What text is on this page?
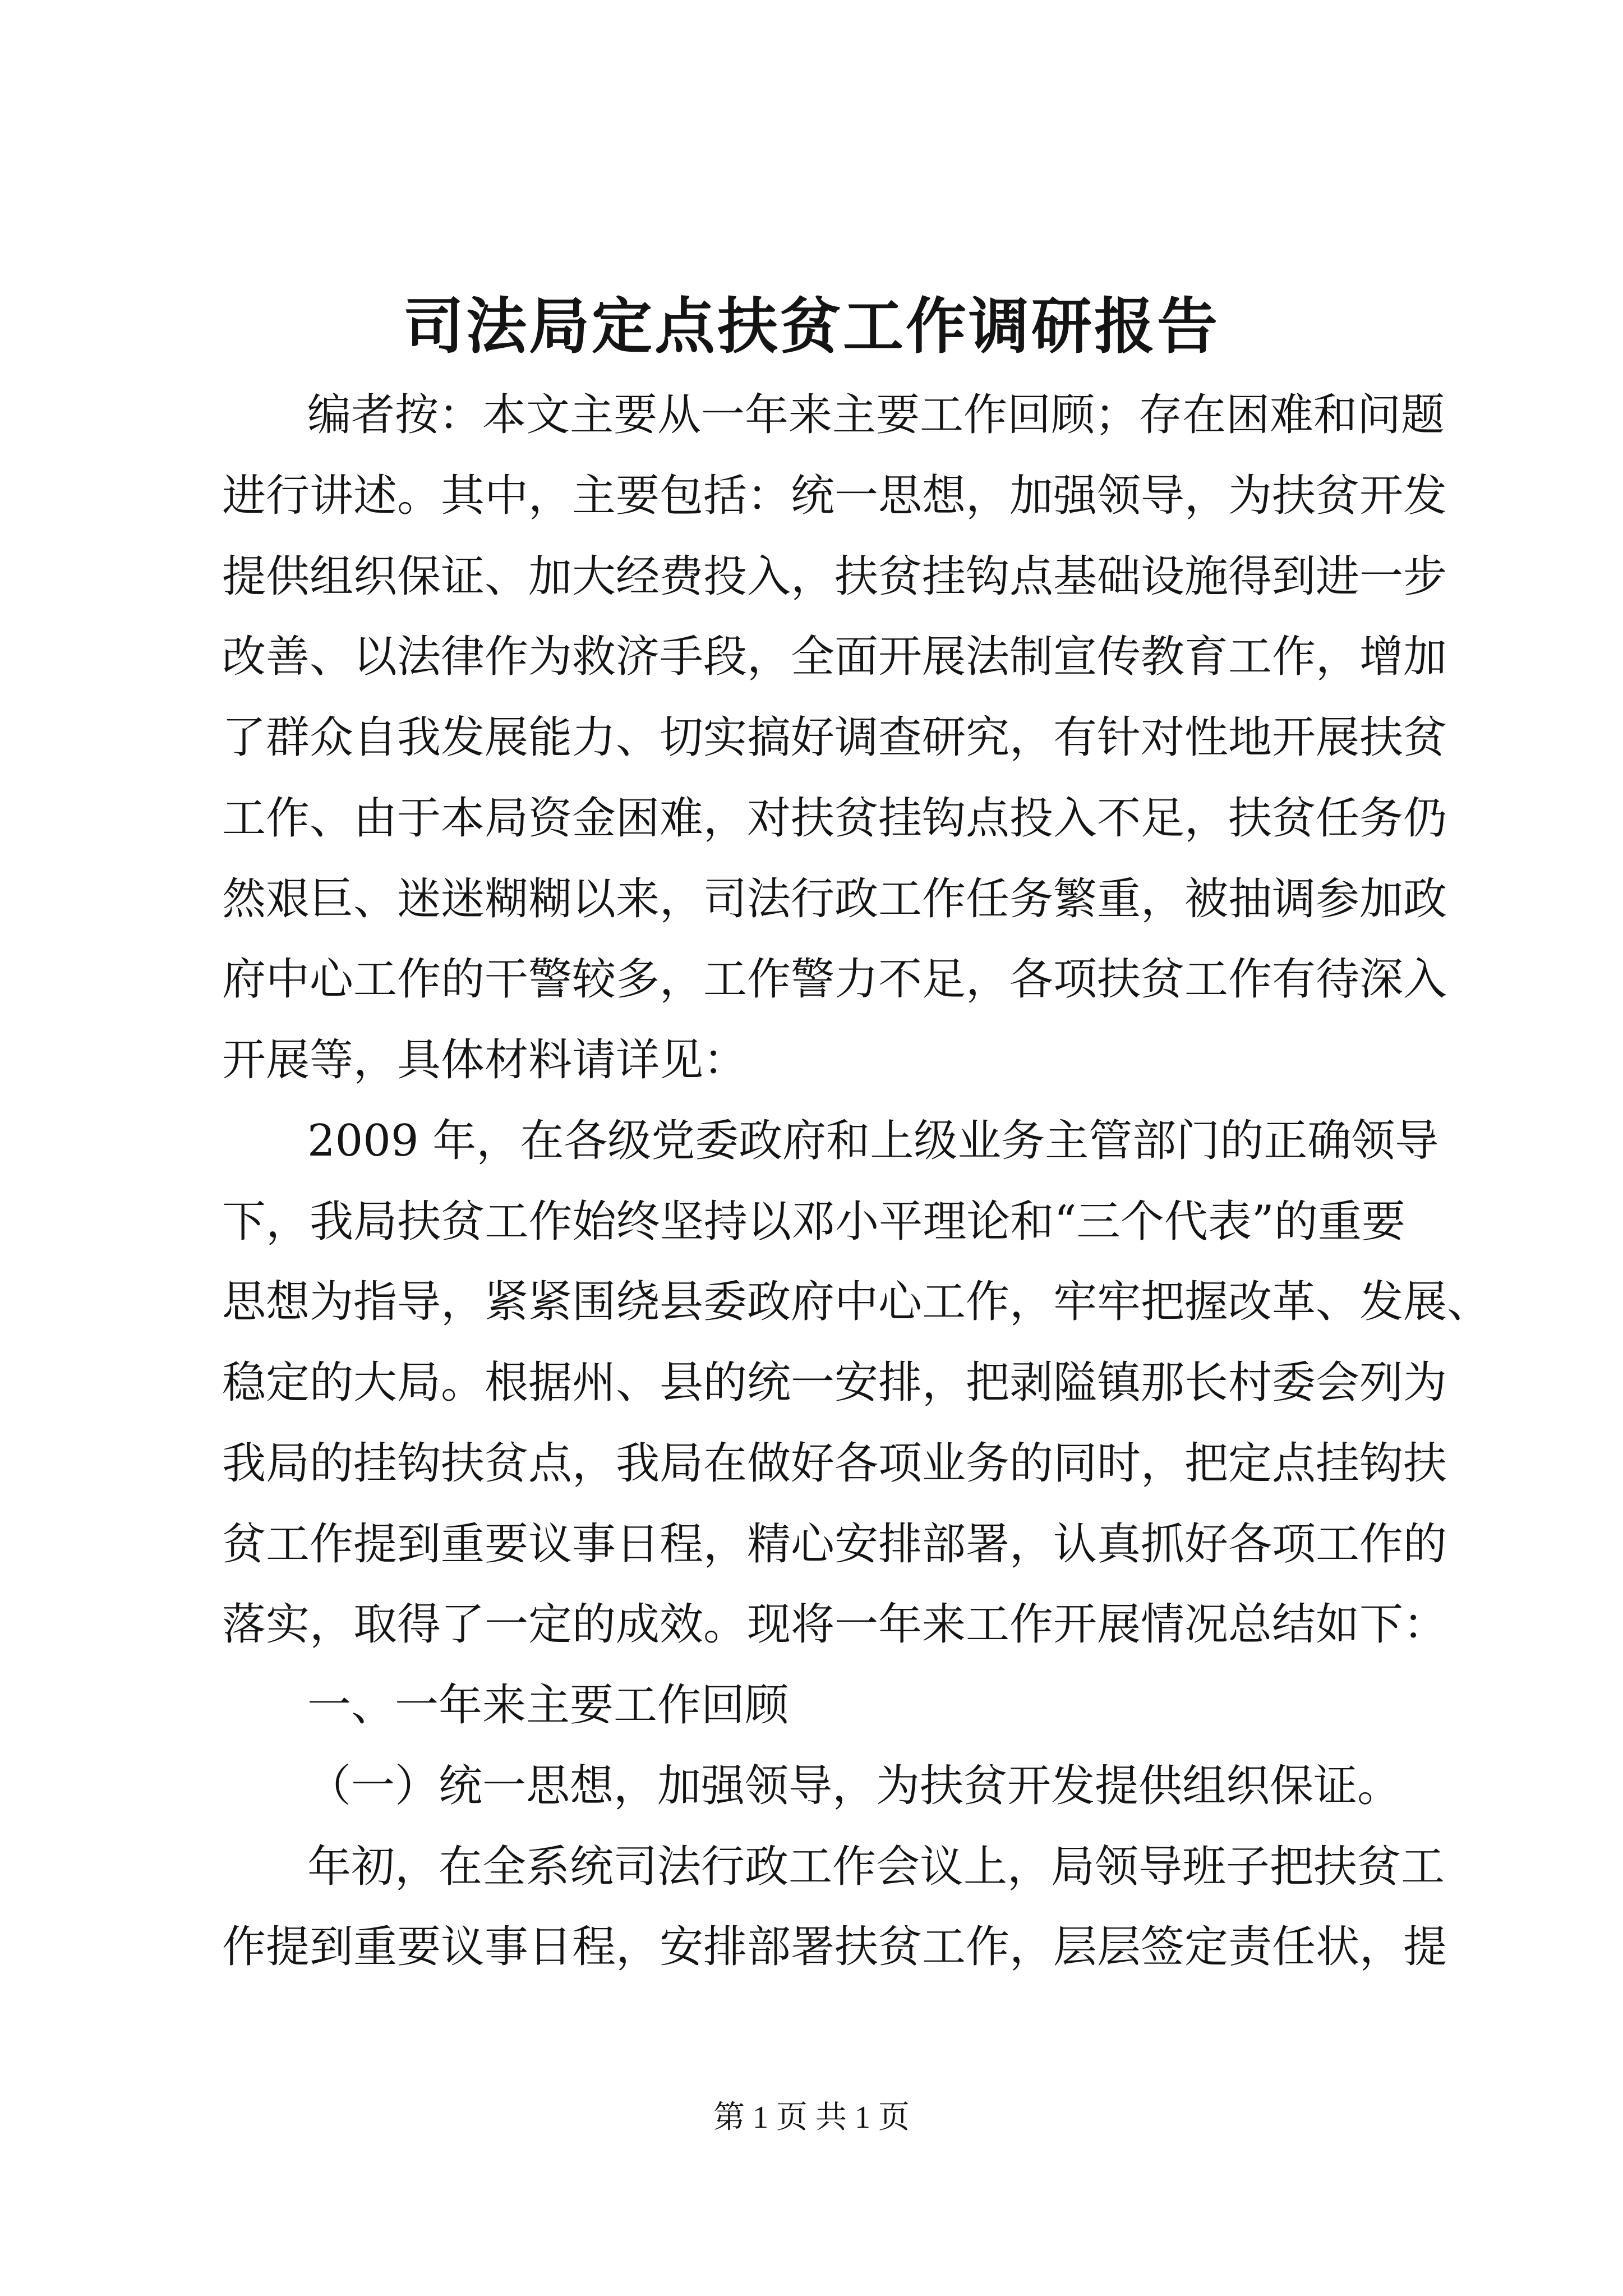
司法局定点扶贫工作调研报告

编者按：本文主要从一年来主要工作回顾；存在困难和问题

进行讲述。其中，主要包括：统一思想，加强领导，为扶贫开发

提供组织保证、加大经费投入，扶贫挂钩点基础设施得到进一步

改善、以法律作为救济手段，全面开展法制宣传教育工作，增加

了群众自我发展能力、切实搞好调查研究，有针对性地开展扶贫

工作、由于本局资金困难，对扶贫挂钩点投入不足，扶贫任务仍

然艰巨、迷迷糊糊以来，司法行政工作任务繁重，被抽调参加政

府中心工作的干警较多，工作警力不足，各项扶贫工作有待深入

开展等，具体材料请详见：

2009 年，在各级党委政府和上级业务主管部门的正确领导

下，我局扶贫工作始终坚持以邓小平理论和“三个代表”的重要

思想为指导，紧紧围绕县委政府中心工作，牢牢把握改革、发展、

稳定的大局。根据州、县的统一安排，把剥隘镇那长村委会列为

我局的挂钩扶贫点，我局在做好各项业务的同时，把定点挂钩扶

贫工作提到重要议事日程，精心安排部署，认真抓好各项工作的

落实，取得了一定的成效。现将一年来工作开展情况总结如下：

一、一年来主要工作回顾

（一）统一思想，加强领导，为扶贫开发提供组织保证。

年初，在全系统司法行政工作会议上，局领导班子把扶贫工

作提到重要议事日程，安排部署扶贫工作，层层签定责任状，提

第 1 页 共 1 页
